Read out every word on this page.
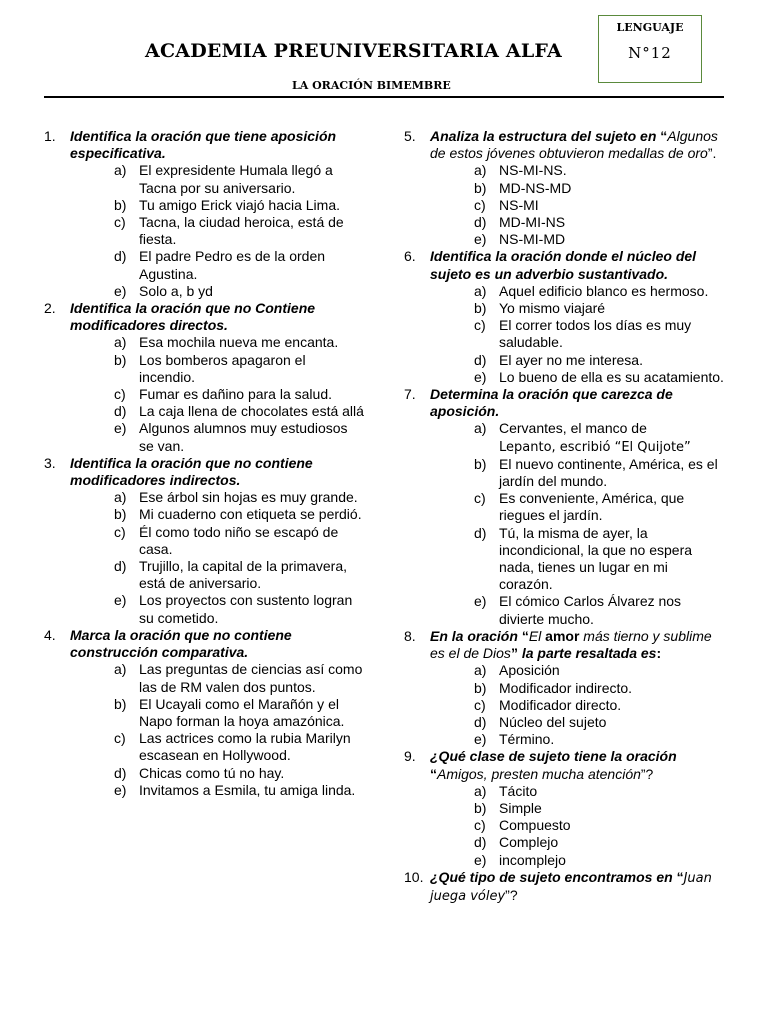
ACADEMIA PREUNIVERSITARIA ALFA
LA ORACIÓN BIMEMBRE
LENGUAJE
N°12
1.	Identifica la oración que tiene aposición especificativa.
a) El expresidente Humala llegó a Tacna por su aniversario.
b) Tu amigo Erick viajó hacia Lima.
c) Tacna, la ciudad heroica, está de fiesta.
d) El padre Pedro es de la orden Agustina.
e) Solo a, b yd
2.	Identifica la oración que no Contiene modificadores directos.
a) Esa mochila nueva me encanta.
b) Los bomberos apagaron el incendio.
c) Fumar es dañino para la salud.
d) La caja llena de chocolates está allá
e) Algunos alumnos muy estudiosos se van.
3.	Identifica la oración que no contiene modificadores indirectos.
a) Ese árbol sin hojas es muy grande.
b) Mi cuaderno con etiqueta se perdió.
c) Él como todo niño se escapó de casa.
d) Trujillo, la capital de la primavera, está de aniversario.
e) Los proyectos con sustento logran su cometido.
4.	Marca la oración que no contiene construcción comparativa.
a) Las preguntas de ciencias así como las de RM valen dos puntos.
b) El Ucayali como el Marañón y el Napo forman la hoya amazónica.
c) Las actrices como la rubia Marilyn escasean en Hollywood.
d) Chicas como tú no hay.
e) Invitamos a Esmila, tu amiga linda.
5.	Analiza la estructura del sujeto en “Algunos de estos jóvenes obtuvieron medallas de oro”.
a) NS-MI-NS.
b) MD-NS-MD
c) NS-MI
d) MD-MI-NS
e) NS-MI-MD
6.	Identifica la oración donde el núcleo del sujeto es un adverbio sustantivado.
a) Aquel edificio blanco es hermoso.
b) Yo mismo viajaré
c) El correr todos los días es muy saludable.
d) El ayer no me interesa.
e) Lo bueno de ella es su acatamiento.
7.	Determina la oración que carezca de aposición.
a) Cervantes, el manco de
Lepanto, escribió “El Quijote”
b) El nuevo continente, América, es el jardín del mundo.
c) Es conveniente, América, que riegues el jardín.
d) Tú, la misma de ayer, la incondicional, la que no espera nada, tienes un lugar en mi corazón.
e) El cómico Carlos Álvarez nos divierte mucho.
8.	En la oración “El amor más tierno y sublime es el de Dios” la parte resaltada es:
a) Aposición
b) Modificador indirecto.
c) Modificador directo.
d) Núcleo del sujeto
e) Término.
9.	¿Qué clase de sujeto tiene la oración “Amigos, presten mucha atención”?
a) Tácito
b) Simple
c) Compuesto
d) Complejo
e) incomplejo
10. ¿Qué tipo de sujeto encontramos en “Juan juega vóley”?
